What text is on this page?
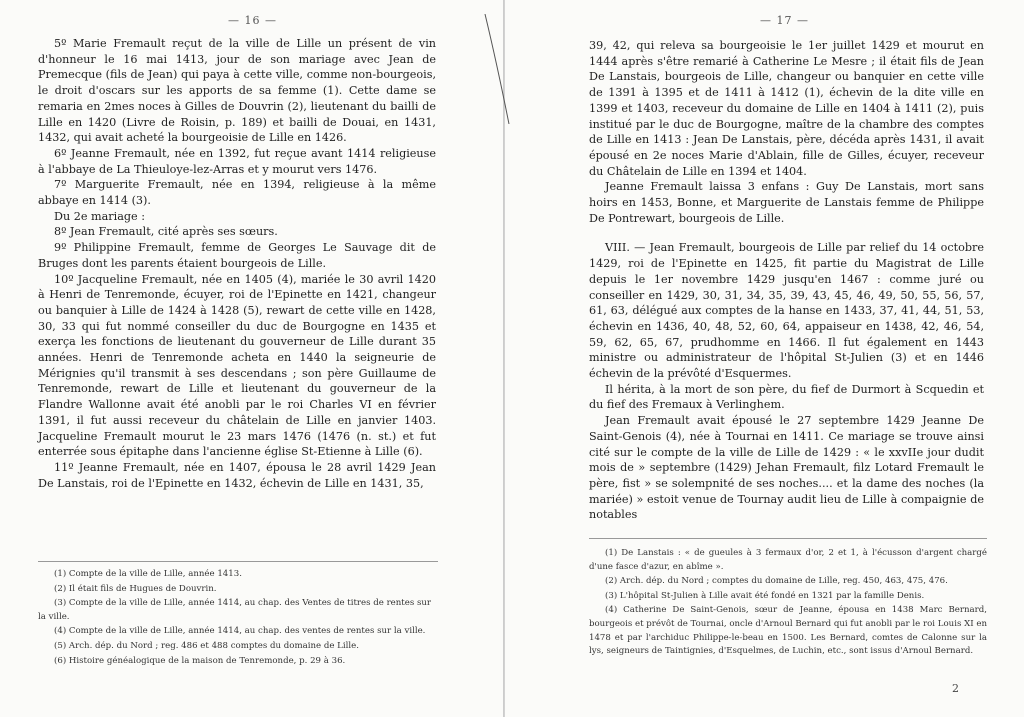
— 16 —	— 17 —

5º Marie Fremault reçut de la ville de Lille un présent de vin d'honneur le 16 mai 1413, jour de son mariage avec Jean de Premecque (fils de Jean) qui paya à cette ville, comme non-bourgeois, le droit d'oscars sur les apports de sa femme (1). Cette dame se remaria en 2mes noces à Gilles de Douvrin (2), lieutenant du bailli de Lille en 1420 (Livre de Roisin, p. 189) et bailli de Douai, en 1431, 1432, qui avait acheté la bourgeoisie de Lille en 1426.

6º Jeanne Fremault, née en 1392, fut reçue avant 1414 religieuse à l'abbaye de La Thieuloye-lez-Arras et y mourut vers 1476.

7º Marguerite Fremault, née en 1394, religieuse à la même abbaye en 1414 (3).

Du 2e mariage :

8º Jean Fremault, cité après ses sœurs.

9º Philippine Fremault, femme de Georges Le Sauvage dit de Bruges dont les parents étaient bourgeois de Lille.

10º Jacqueline Fremault, née en 1405 (4), mariée le 30 avril 1420 à Henri de Tenremonde, écuyer, roi de l'Epinette en 1421, changeur ou banquier à Lille de 1424 à 1428 (5), rewart de cette ville en 1428, 30, 33 qui fut nommé conseiller du duc de Bourgogne en 1435 et exerça les fonctions de lieutenant du gouverneur de Lille durant 35 années. Henri de Tenremonde acheta en 1440 la seigneurie de Mérignies qu'il transmit à ses descendans ; son père Guillaume de Tenremonde, rewart de Lille et lieutenant du gouverneur de la Flandre Wallonne avait été anobli par le roi Charles VI en février 1391, il fut aussi receveur du châtelain de Lille en janvier 1403. Jacqueline Fremault mourut le 23 mars 1476 (1476 (n. st.) et fut enterrée sous épitaphe dans l'ancienne église St-Etienne à Lille (6).

11º Jeanne Fremault, née en 1407, épousa le 28 avril 1429 Jean De Lanstais, roi de l'Epinette en 1432, échevin de Lille en 1431, 35,

(1) Compte de la ville de Lille, année 1413.

(2) Il était fils de Hugues de Douvrin.

(3) Compte de la ville de Lille, année 1414, au chap. des Ventes de titres de rentes sur la ville.

(4) Compte de la ville de Lille, année 1414, au chap. des ventes de rentes sur la ville.

(5) Arch. dép. du Nord ; reg. 486 et 488 comptes du domaine de Lille.

(6) Histoire généalogique de la maison de Tenremonde, p. 29 à 36.

39, 42, qui releva sa bourgeoisie le 1er juillet 1429 et mourut en 1444 après s'être remarié à Catherine Le Mesre ; il était fils de Jean De Lanstais, bourgeois de Lille, changeur ou banquier en cette ville de 1391 à 1395 et de 1411 à 1412 (1), échevin de la dite ville en 1399 et 1403, receveur du domaine de Lille en 1404 à 1411 (2), puis institué par le duc de Bourgogne, maître de la chambre des comptes de Lille en 1413 : Jean De Lanstais, père, décéda après 1431, il avait épousé en 2e noces Marie d'Ablain, fille de Gilles, écuyer, receveur du Châtelain de Lille en 1394 et 1404.

Jeanne Fremault laissa 3 enfans : Guy De Lanstais, mort sans hoirs en 1453, Bonne, et Marguerite de Lanstais femme de Philippe De Pontrewart, bourgeois de Lille.

VIII. — Jean Fremault, bourgeois de Lille par relief du 14 octobre 1429, roi de l'Epinette en 1425, fit partie du Magistrat de Lille depuis le 1er novembre 1429 jusqu'en 1467 : comme juré ou conseiller en 1429, 30, 31, 34, 35, 39, 43, 45, 46, 49, 50, 55, 56, 57, 61, 63, délégué aux comptes de la hanse en 1433, 37, 41, 44, 51, 53, échevin en 1436, 40, 48, 52, 60, 64, appaiseur en 1438, 42, 46, 54, 59, 62, 65, 67, prudhomme en 1466. Il fut également en 1443 ministre ou administrateur de l'hôpital St-Julien (3) et en 1446 échevin de la prévôté d'Esquermes.

Il hérita, à la mort de son père, du fief de Durmort à Scquedin et du fief des Fremaux à Verlinghem.

Jean Fremault avait épousé le 27 septembre 1429 Jeanne De Saint-Genois (4), née à Tournai en 1411. Ce mariage se trouve ainsi cité sur le compte de la ville de Lille de 1429 : « le xxvIIe jour dudit mois de » septembre (1429) Jehan Fremault, filz Lotard Fremault le père, fist » se solempnité de ses noches.... et la dame des noches (la mariée) » estoit venue de Tournay audit lieu de Lille à compaignie de notables

(1) De Lanstais : « de gueules à 3 fermaux d'or, 2 et 1, à l'écusson d'argent chargé d'une fasce d'azur, en abîme ».

(2) Arch. dép. du Nord ; comptes du domaine de Lille, reg. 450, 463, 475, 476.

(3) L'hôpital St-Julien à Lille avait été fondé en 1321 par la famille Denis.

(4) Catherine De Saint-Genois, sœur de Jeanne, épousa en 1438 Marc Bernard, bourgeois et prévôt de Tournai, oncle d'Arnoul Bernard qui fut anobli par le roi Louis XI en 1478 et par l'archiduc Philippe-le-beau en 1500. Les Bernard, comtes de Calonne sur la lys, seigneurs de Taintignies, d'Esquelmes, de Luchin, etc., sont issus d'Arnoul Bernard.

2
